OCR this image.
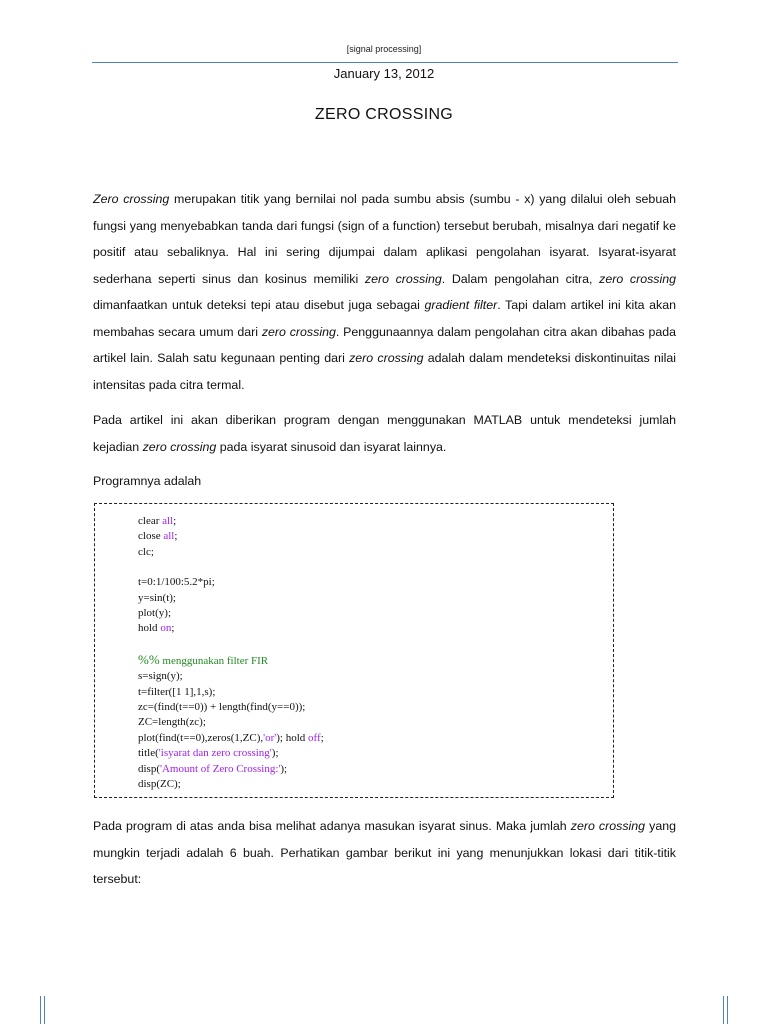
[signal processing]
January 13, 2012
ZERO CROSSING
Zero crossing merupakan titik yang bernilai nol pada sumbu absis (sumbu - x) yang dilalui oleh sebuah fungsi yang menyebabkan tanda dari fungsi (sign of a function) tersebut berubah, misalnya dari negatif ke positif atau sebaliknya. Hal ini sering dijumpai dalam aplikasi pengolahan isyarat. Isyarat-isyarat sederhana seperti sinus dan kosinus memiliki zero crossing. Dalam pengolahan citra, zero crossing dimanfaatkan untuk deteksi tepi atau disebut juga sebagai gradient filter. Tapi dalam artikel ini kita akan membahas secara umum dari zero crossing. Penggunaannya dalam pengolahan citra akan dibahas pada artikel lain. Salah satu kegunaan penting dari zero crossing adalah dalam mendeteksi diskontinuitas nilai intensitas pada citra termal.
Pada artikel ini akan diberikan program dengan menggunakan MATLAB untuk mendeteksi jumlah kejadian zero crossing pada isyarat sinusoid dan isyarat lainnya.
Programnya adalah
clear all;
close all;
clc;
t=0:1/100:5.2*pi;
y=sin(t);
plot(y);
hold on;
%% menggunakan filter FIR
s=sign(y);
t=filter([1 1],1,s);
zc=(find(t==0)) + length(find(y==0));
ZC=length(zc);
plot(find(t==0),zeros(1,ZC),'or'); hold off;
title('isyarat dan zero crossing');
disp('Amount of Zero Crossing:');
disp(ZC);
Pada program di atas anda bisa melihat adanya masukan isyarat sinus. Maka jumlah zero crossing yang mungkin terjadi adalah 6 buah. Perhatikan gambar berikut ini yang menunjukkan lokasi dari titik-titik tersebut:
